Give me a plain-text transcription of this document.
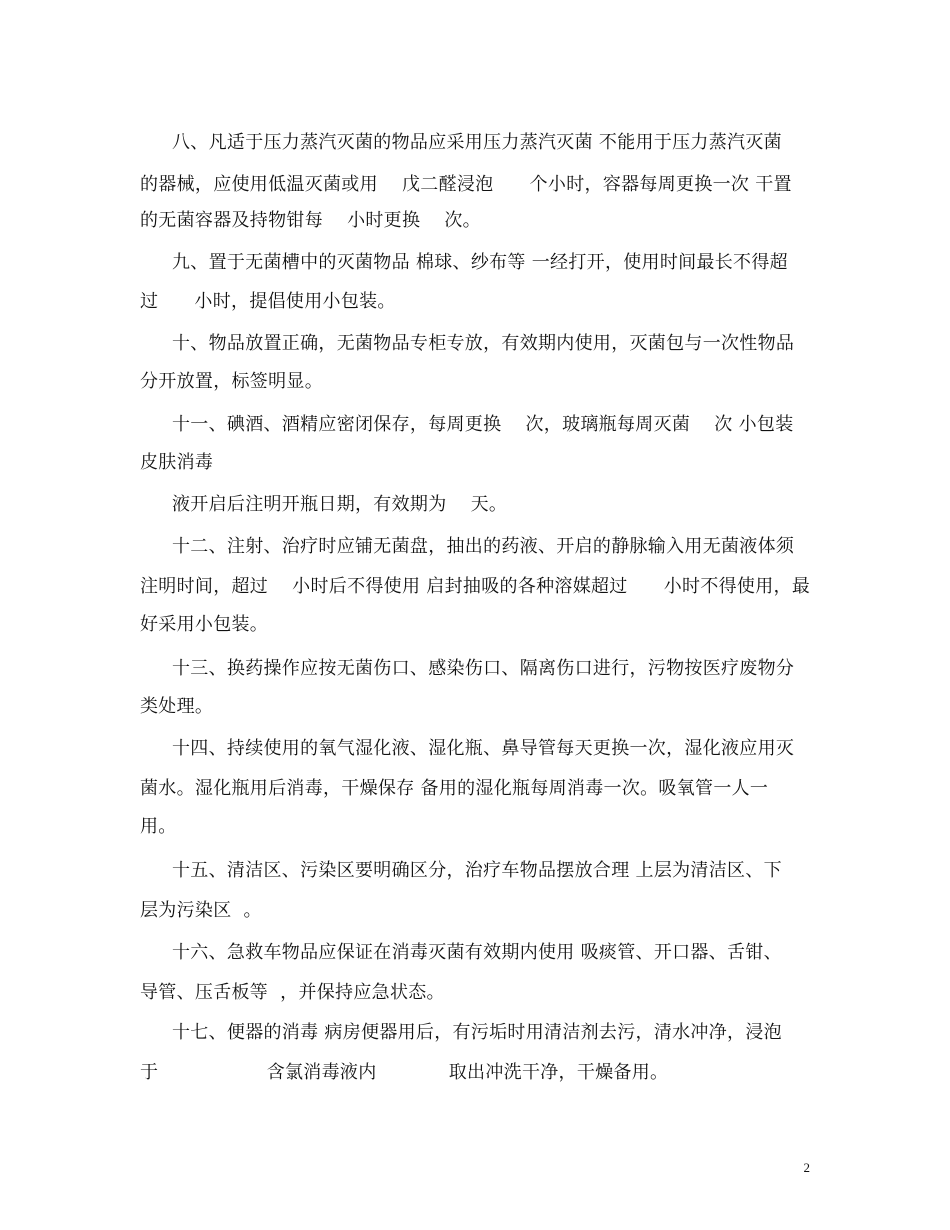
八、凡适于压力蒸汽灭菌的物品应采用压力蒸汽灭菌 不能用于压力蒸汽灭菌
的器械，应使用低温灭菌或用    戊二醛浸泡      个小时，容器每周更换一次 干置
的无菌容器及持物钳每    小时更换    次。
九、置于无菌槽中的灭菌物品 棉球、纱布等 一经打开，使用时间最长不得超
过      小时，提倡使用小包装。
十、物品放置正确，无菌物品专柜专放，有效期内使用，灭菌包与一次性物品
分开放置，标签明显。
十一、碘酒、酒精应密闭保存，每周更换    次，玻璃瓶每周灭菌    次 小包装
皮肤消毒
液开启后注明开瓶日期，有效期为    天。
十二、注射、治疗时应铺无菌盘，抽出的药液、开启的静脉输入用无菌液体须
注明时间，超过    小时后不得使用 启封抽吸的各种溶媒超过      小时不得使用，最
好采用小包装。
十三、换药操作应按无菌伤口、感染伤口、隔离伤口进行，污物按医疗废物分
类处理。
十四、持续使用的氧气湿化液、湿化瓶、鼻导管每天更换一次，湿化液应用灭
菌水。湿化瓶用后消毒，干燥保存 备用的湿化瓶每周消毒一次。吸氧管一人一
用。
十五、清洁区、污染区要明确区分，治疗车物品摆放合理 上层为清洁区、下
层为污染区  。
十六、急救车物品应保证在消毒灭菌有效期内使用 吸痰管、开口器、舌钳、
导管、压舌板等  ，并保持应急状态。
十七、便器的消毒 病房便器用后，有污垢时用清洁剂去污，清水冲净，浸泡
于                  含氯消毒液内            取出冲洗干净，干燥备用。
2
